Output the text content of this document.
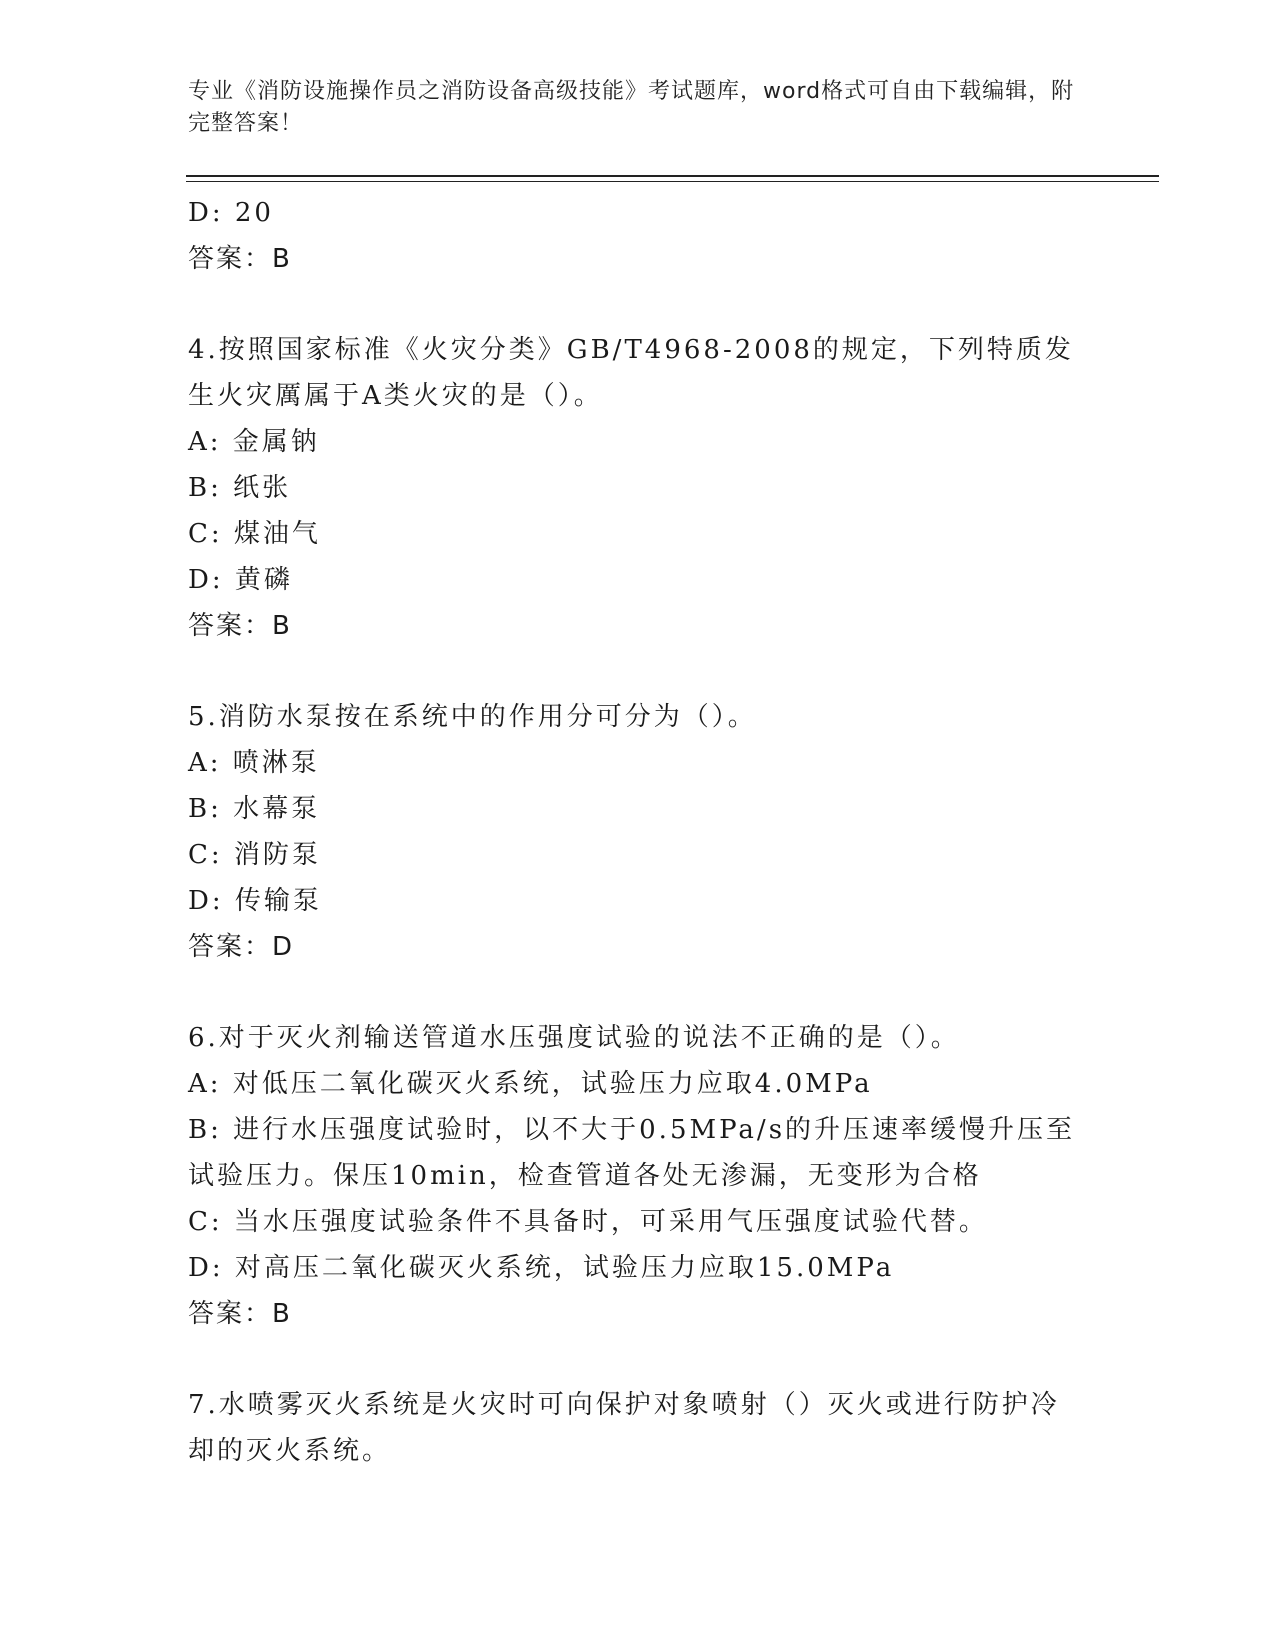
专业《消防设施操作员之消防设备高级技能》考试题库，word格式可自由下载编辑，附完整答案！
D: 20
答案：B
4.按照国家标准《火灾分类》GB/T4968-2008的规定，下列特质发生火灾厲属于A类火灾的是（）。
A: 金属钠
B: 纸张
C: 煤油气
D: 黄磷
答案：B
5.消防水泵按在系统中的作用分可分为（）。
A: 喷淋泵
B: 水幕泵
C: 消防泵
D: 传输泵
答案：D
6.对于灭火剂输送管道水压强度试验的说法不正确的是（）。
A: 对低压二氧化碳灭火系统，试验压力应取4.0MPa
B: 进行水压强度试验时，以不大于0.5MPa/s的升压速率缓慢升压至试验压力。保压10min，检查管道各处无渗漏，无变形为合格
C: 当水压强度试验条件不具备时，可采用气压强度试验代替。
D: 对高压二氧化碳灭火系统，试验压力应取15.0MPa
答案：B
7.水喷雾灭火系统是火灾时可向保护对象喷射（）灭火或进行防护冷却的灭火系统。
